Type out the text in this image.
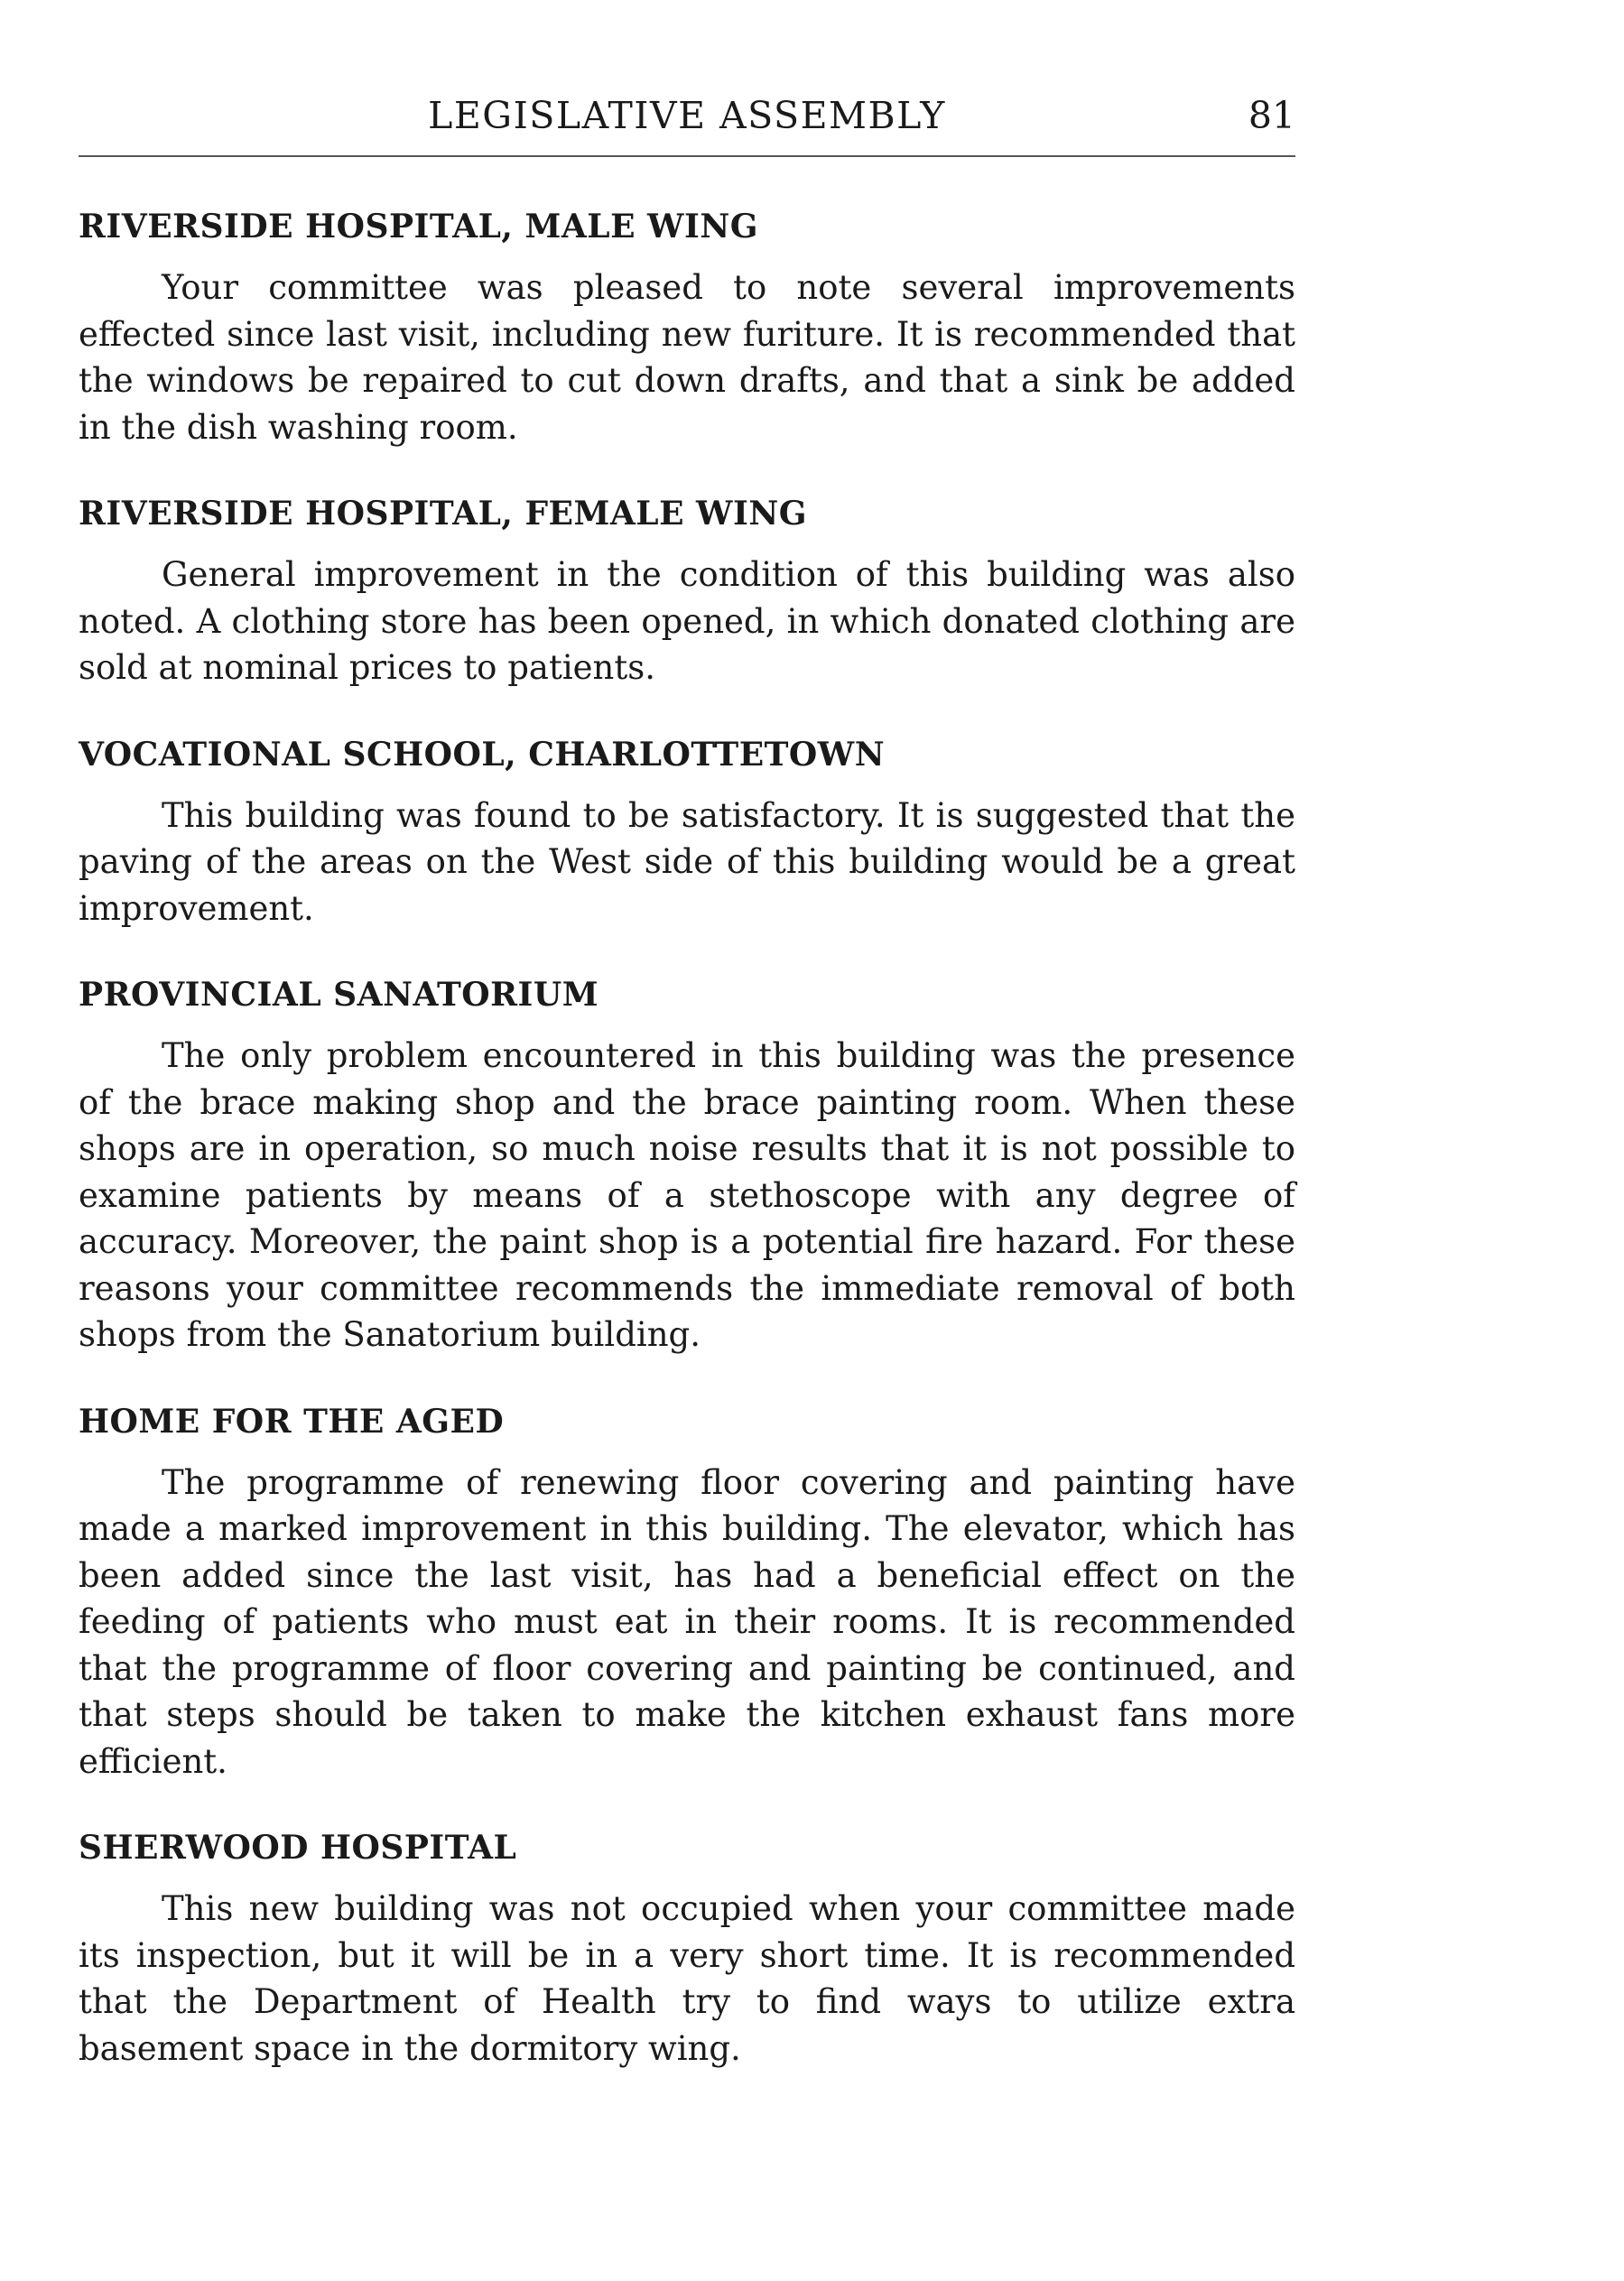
LEGISLATIVE ASSEMBLY	81
RIVERSIDE HOSPITAL, MALE WING

Your committee was pleased to note several improvements effected since last visit, including new furiture. It is recommended that the windows be repaired to cut down drafts, and that a sink be added in the dish washing room.

RIVERSIDE HOSPITAL, FEMALE WING

General improvement in the condition of this building was also noted. A clothing store has been opened, in which donated clothing are sold at nominal prices to patients.

VOCATIONAL SCHOOL, CHARLOTTETOWN

This building was found to be satisfactory. It is suggested that the paving of the areas on the West side of this building would be a great improvement.

PROVINCIAL SANATORIUM

The only problem encountered in this building was the presence of the brace making shop and the brace painting room. When these shops are in operation, so much noise results that it is not possible to examine patients by means of a stethoscope with any degree of accuracy. Moreover, the paint shop is a potential fire hazard. For these reasons your committee recommends the immediate removal of both shops from the Sanatorium building.

HOME FOR THE AGED

The programme of renewing floor covering and painting have made a marked improvement in this building. The elevator, which has been added since the last visit, has had a beneficial effect on the feeding of patients who must eat in their rooms. It is recommended that the programme of floor covering and painting be continued, and that steps should be taken to make the kitchen exhaust fans more efficient.

SHERWOOD HOSPITAL

This new building was not occupied when your committee made its inspection, but it will be in a very short time. It is recommended that the Department of Health try to find ways to utilize extra basement space in the dormitory wing.
